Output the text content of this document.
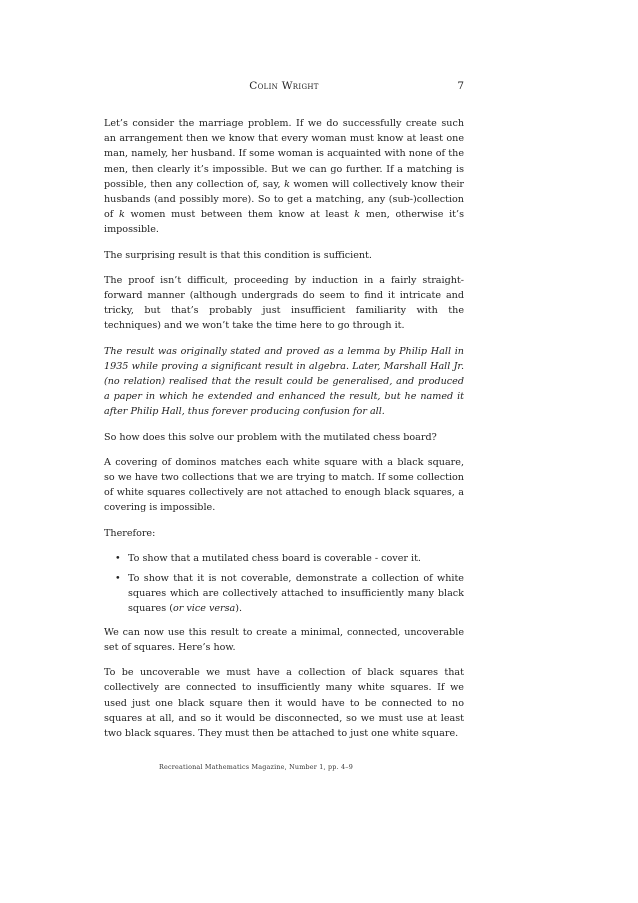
Colin Wright	7

Let’s consider the marriage problem. If we do successfully create such an arrangement then we know that every woman must know at least one man, namely, her husband. If some woman is acquainted with none of the men, then clearly it’s impossible. But we can go further. If a matching is possible, then any collection of, say, k women will collectively know their husbands (and possibly more). So to get a matching, any (sub-)collection of k women must between them know at least k men, otherwise it’s impossible.

The surprising result is that this condition is sufficient.

The proof isn’t difficult, proceeding by induction in a fairly straight-forward manner (although undergrads do seem to find it intricate and tricky, but that’s probably just insufficient familiarity with the techniques) and we won’t take the time here to go through it.

The result was originally stated and proved as a lemma by Philip Hall in 1935 while proving a significant result in algebra. Later, Marshall Hall Jr. (no relation) realised that the result could be generalised, and produced a paper in which he extended and enhanced the result, but he named it after Philip Hall, thus forever producing confusion for all.

So how does this solve our problem with the mutilated chess board?

A covering of dominos matches each white square with a black square, so we have two collections that we are trying to match. If some collection of white squares collectively are not attached to enough black squares, a covering is impossible.

Therefore:

• To show that a mutilated chess board is coverable - cover it.
• To show that it is not coverable, demonstrate a collection of white squares which are collectively attached to insufficiently many black squares (or vice versa).

We can now use this result to create a minimal, connected, uncoverable set of squares. Here’s how.

To be uncoverable we must have a collection of black squares that collectively are connected to insufficiently many white squares. If we used just one black square then it would have to be connected to no squares at all, and so it would be disconnected, so we must use at least two black squares. They must then be attached to just one white square.

Recreational Mathematics Magazine, Number 1, pp. 4–9
